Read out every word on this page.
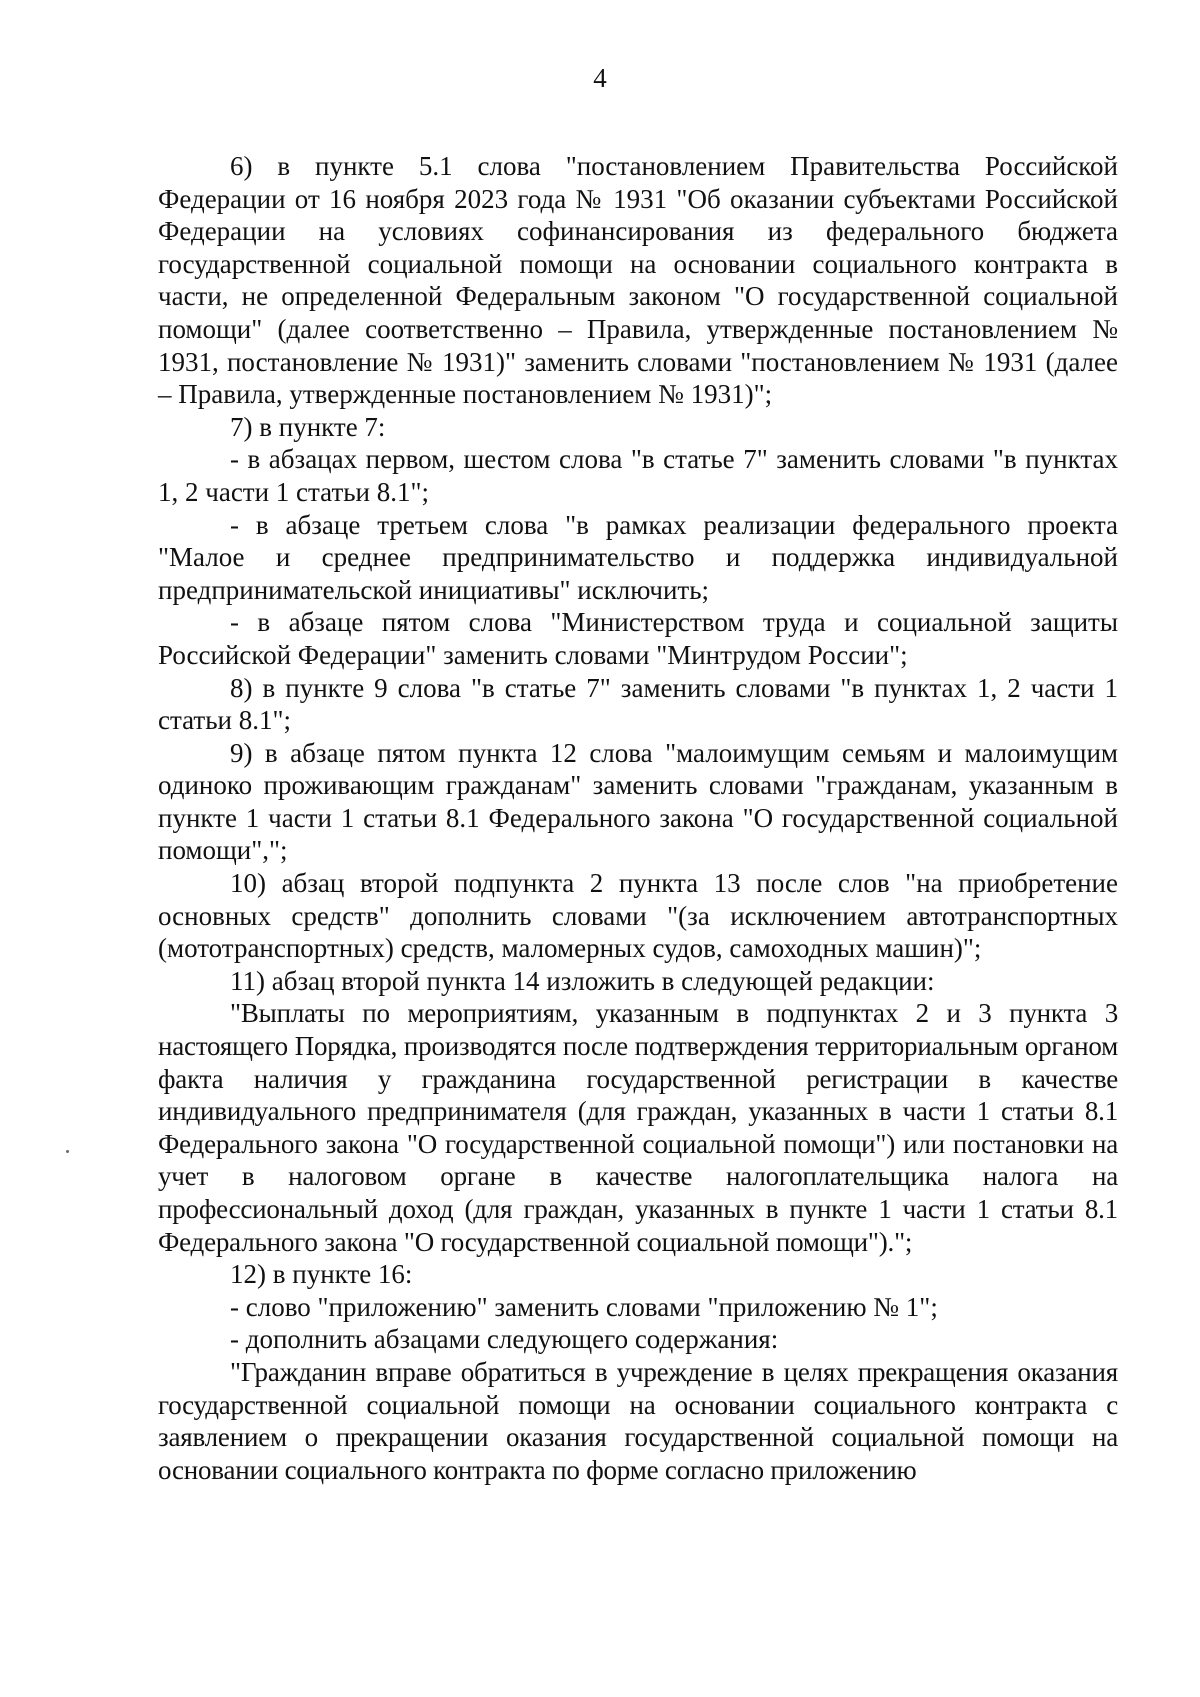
4

6) в пункте 5.1 слова "постановлением Правительства Российской Федерации от 16 ноября 2023 года № 1931 "Об оказании субъектами Российской Федерации на условиях софинансирования из федерального бюджета государственной социальной помощи на основании социального контракта в части, не определенной Федеральным законом "О государственной социальной помощи" (далее соответственно – Правила, утвержденные постановлением № 1931, постановление № 1931)" заменить словами "постановлением № 1931 (далее – Правила, утвержденные постановлением № 1931)";

7) в пункте 7:

- в абзацах первом, шестом слова "в статье 7" заменить словами "в пунктах 1, 2 части 1 статьи 8.1";

- в абзаце третьем слова "в рамках реализации федерального проекта "Малое и среднее предпринимательство и поддержка индивидуальной предпринимательской инициативы" исключить;

- в абзаце пятом слова "Министерством труда и социальной защиты Российской Федерации" заменить словами "Минтрудом России";

8) в пункте 9 слова "в статье 7" заменить словами "в пунктах 1, 2 части 1 статьи 8.1";

9) в абзаце пятом пункта 12 слова "малоимущим семьям и малоимущим одиноко проживающим гражданам" заменить словами "гражданам, указанным в пункте 1 части 1 статьи 8.1 Федерального закона "О государственной социальной помощи",";

10) абзац второй подпункта 2 пункта 13 после слов "на приобретение основных средств" дополнить словами "(за исключением автотранспортных (мототранспортных) средств, маломерных судов, самоходных машин)";

11) абзац второй пункта 14 изложить в следующей редакции:

"Выплаты по мероприятиям, указанным в подпунктах 2 и 3 пункта 3 настоящего Порядка, производятся после подтверждения территориальным органом факта наличия у гражданина государственной регистрации в качестве индивидуального предпринимателя (для граждан, указанных в части 1 статьи 8.1 Федерального закона "О государственной социальной помощи") или постановки на учет в налоговом органе в качестве налогоплательщика налога на профессиональный доход (для граждан, указанных в пункте 1 части 1 статьи 8.1 Федерального закона "О государственной социальной помощи").";

12) в пункте 16:

- слово "приложению" заменить словами "приложению № 1";

- дополнить абзацами следующего содержания:

"Гражданин вправе обратиться в учреждение в целях прекращения оказания государственной социальной помощи на основании социального контракта с заявлением о прекращении оказания государственной социальной помощи на основании социального контракта по форме согласно приложению
